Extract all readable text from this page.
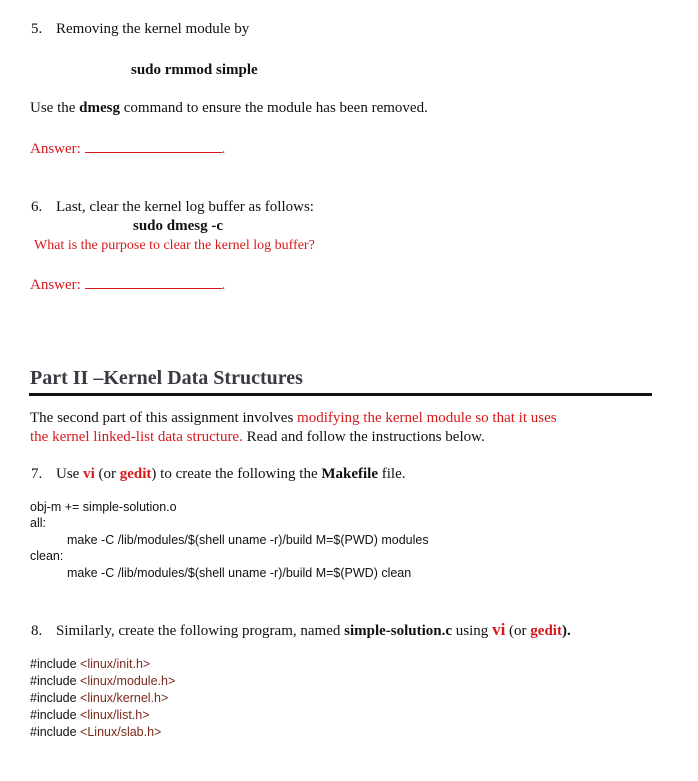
5. Removing the kernel module by
sudo rmmod simple
Use the dmesg command to ensure the module has been removed.
Answer:	.
6. Last, clear the kernel log buffer as follows:
sudo dmesg -c
What is the purpose to clear the kernel log buffer?
Answer:	.
Part II –Kernel Data Structures
The second part of this assignment involves modifying the kernel module so that it uses
the kernel linked-list data structure. Read and follow the instructions below.
7. Use vi (or gedit) to create the following the Makefile file.
obj-m += simple-solution.o
all:
make -C /lib/modules/$(shell uname -r)/build M=$(PWD) modules
clean:
make -C /lib/modules/$(shell uname -r)/build M=$(PWD) clean
8. Similarly, create the following program, named simple-solution.c using vi (or gedit).
#include <linux/init.h>
#include <linux/module.h>
#include <linux/kernel.h>
#include <linux/list.h>
#include <Linux/slab.h>
